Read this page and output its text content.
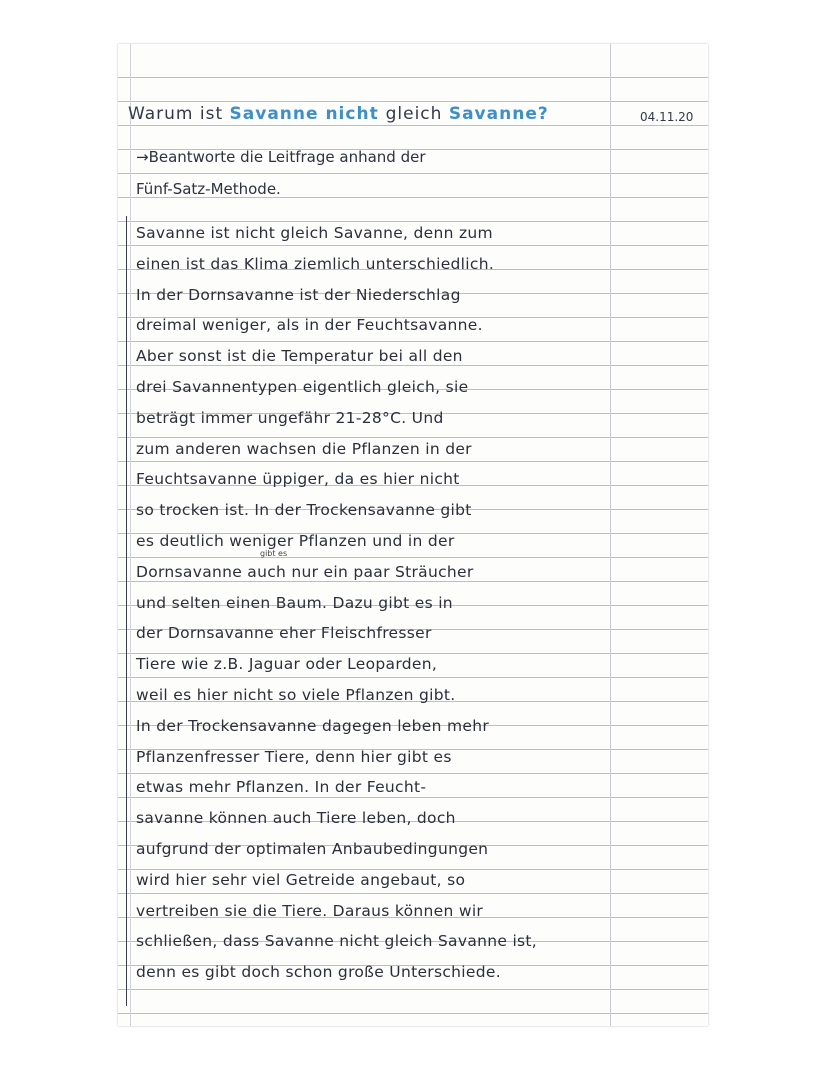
Warum ist Savanne nicht gleich Savanne?	04.11.20
→Beantworte die Leitfrage anhand der
Fünf-Satz-Methode.
Savanne ist nicht gleich Savanne, denn zum
einen ist das Klima ziemlich unterschiedlich.
In der Dornsavanne ist der Niederschlag
dreimal weniger, als in der Feuchtsavanne.
Aber sonst ist die Temperatur bei all den
drei Savannentypen eigentlich gleich, sie
beträgt immer ungefähr 21-28°C. Und
zum anderen wachsen die Pflanzen in der
Feuchtsavanne üppiger, da es hier nicht
so trocken ist. In der Trockensavanne gibt
es deutlich weniger Pflanzen und in der
Dornsavanne auch nur ein paar Sträucher
und selten einen Baum. Dazu gibt es in
der Dornsavanne eher Fleischfresser
Tiere wie z.B. Jaguar oder Leoparden,
weil es hier nicht so viele Pflanzen gibt.
In der Trockensavanne dagegen leben mehr
Pflanzenfresser Tiere, denn hier gibt es
etwas mehr Pflanzen. In der Feucht-
savanne können auch Tiere leben, doch
aufgrund der optimalen Anbaubedingungen
wird hier sehr viel Getreide angebaut, so
vertreiben sie die Tiere. Daraus können wir
schließen, dass Savanne nicht gleich Savanne ist,
denn es gibt doch schon große Unterschiede.
gibt es
